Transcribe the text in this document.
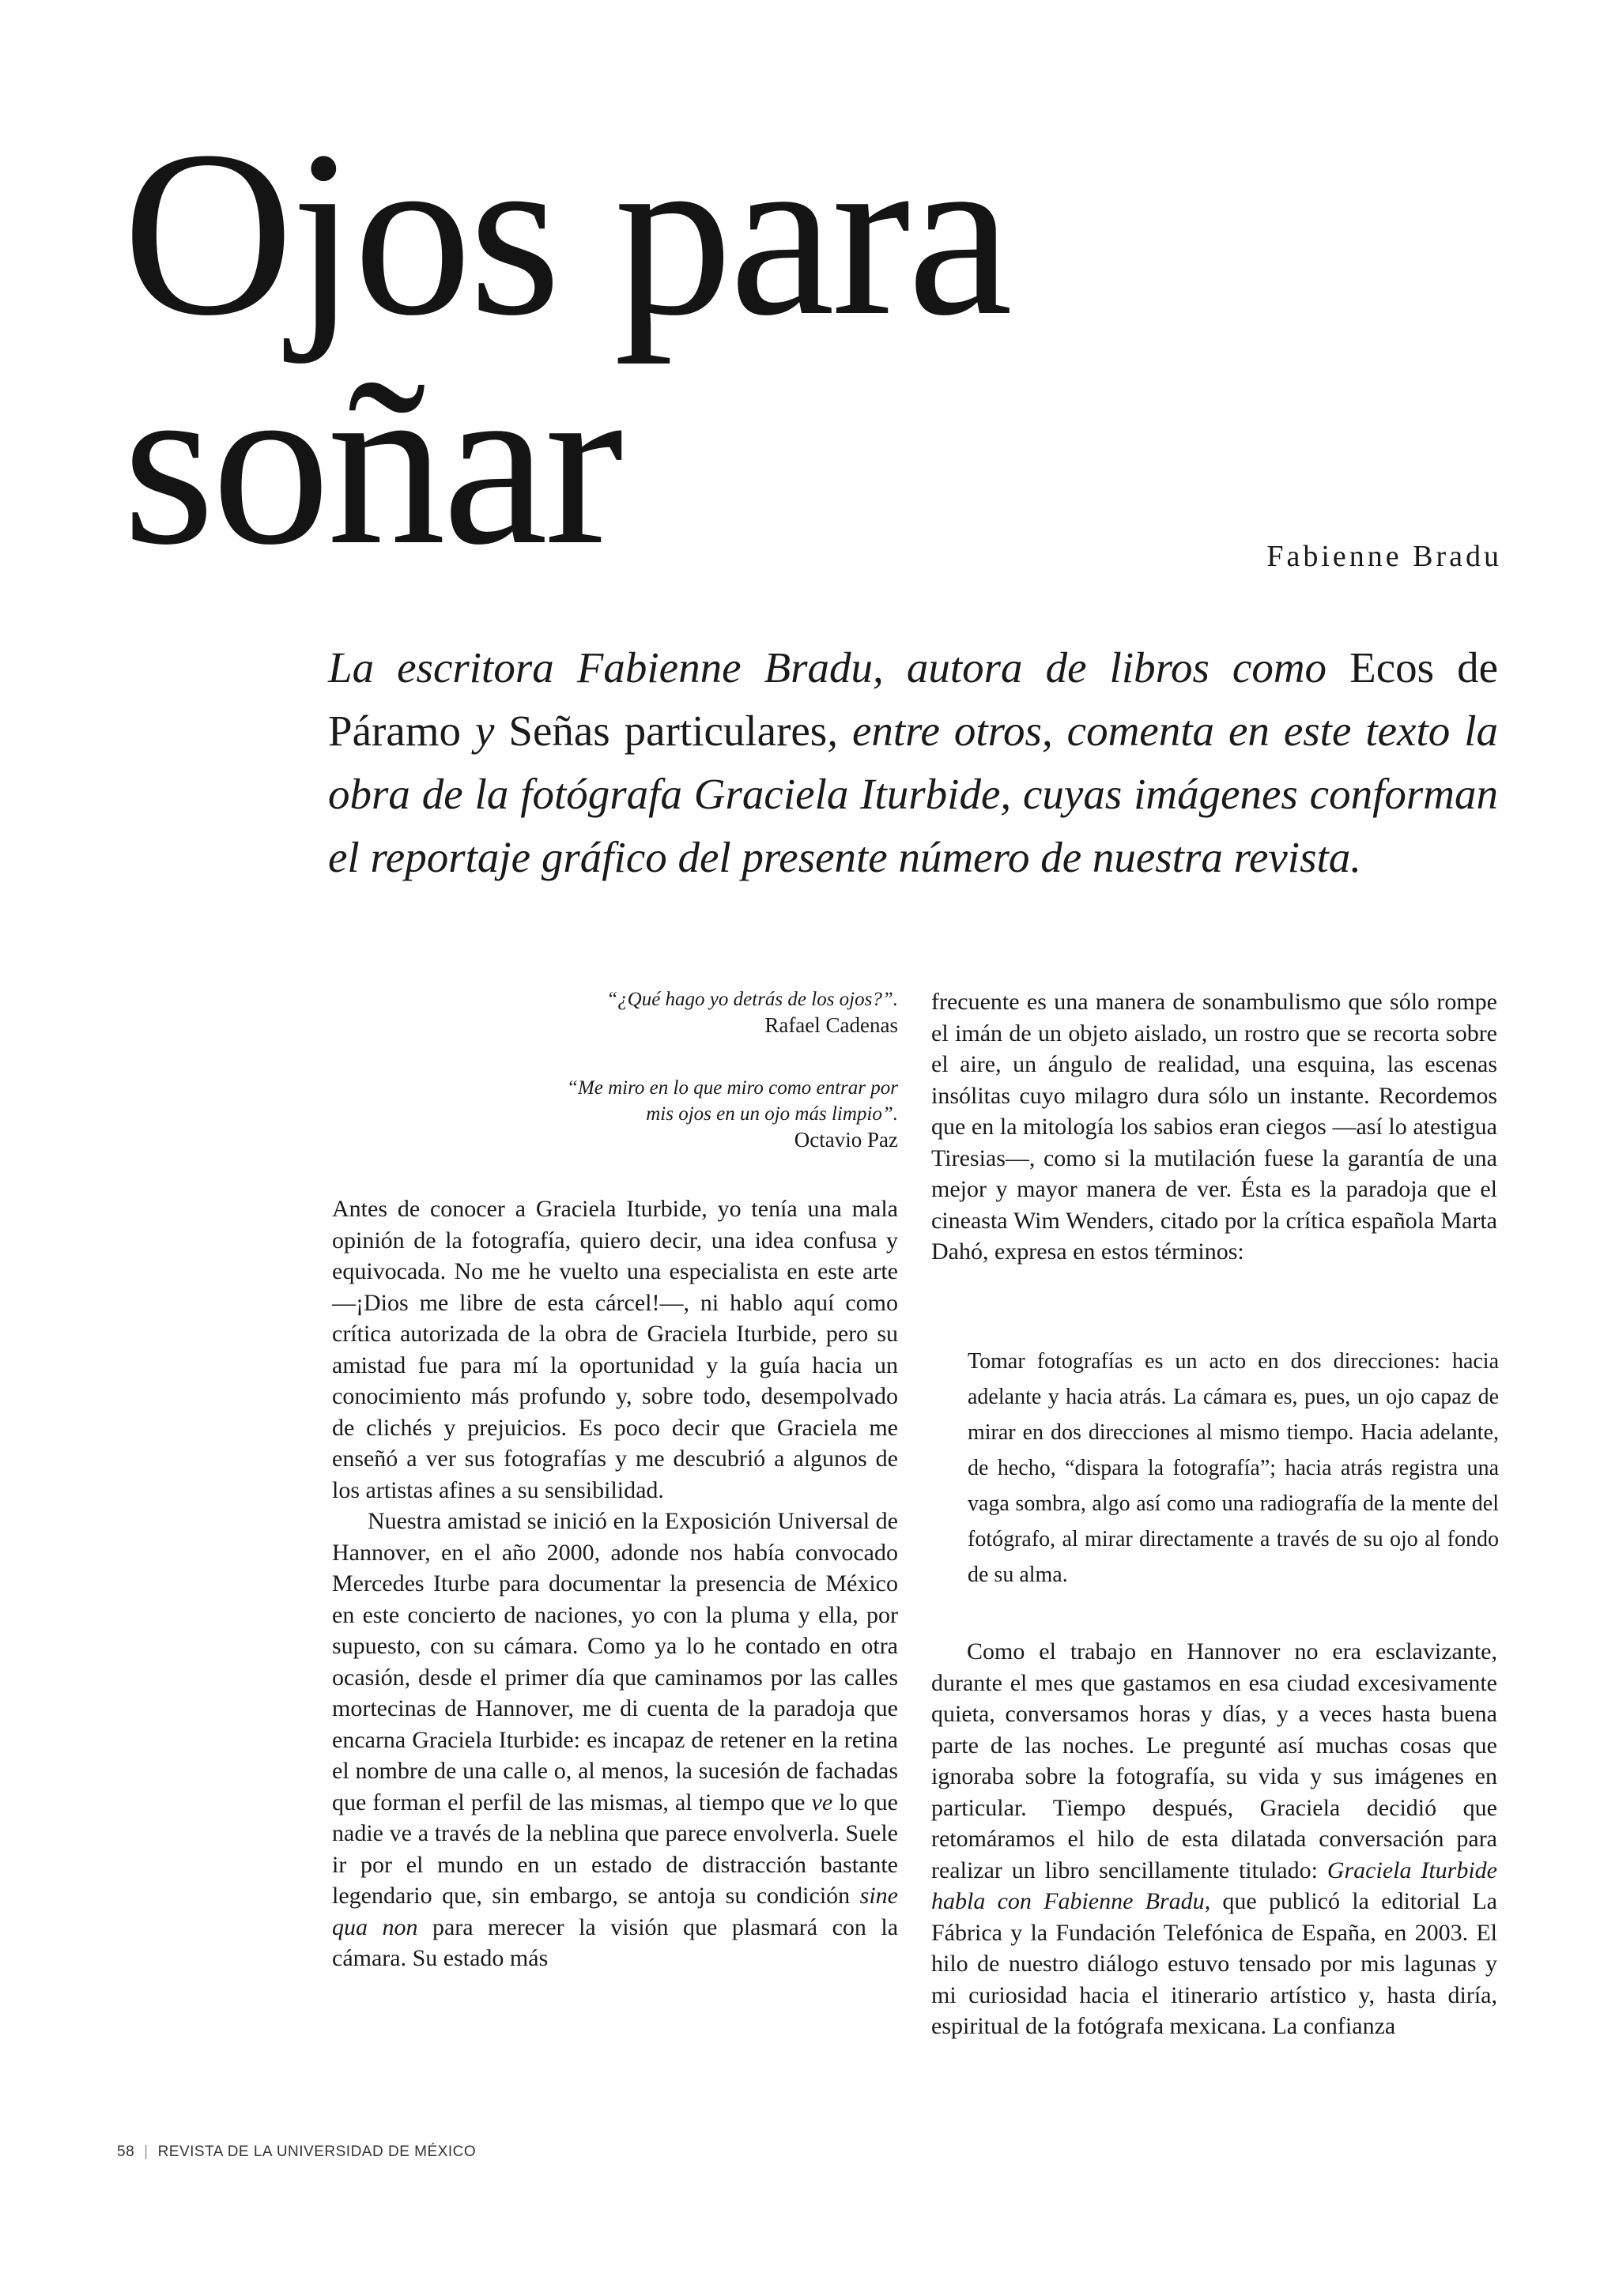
Ojos para
soñar	Fabienne Bradu

La escritora Fabienne Bradu, autora de libros como Ecos de Páramo y Señas particulares, entre otros, comenta en este texto la obra de la fotógrafa Graciela Iturbide, cuyas imágenes conforman el reportaje gráfico del presente número de nuestra revista.

“¿Qué hago yo detrás de los ojos?”.
Rafael Cadenas
“Me miro en lo que miro como entrar por mis ojos en un ojo más limpio”.
Octavio Paz

Antes de conocer a Graciela Iturbide, yo tenía una mala opinión de la fotografía, quiero decir, una idea confusa y equivocada. No me he vuelto una especialista en este arte —¡Dios me libre de esta cárcel!—, ni hablo aquí como crítica autorizada de la obra de Graciela Iturbide, pero su amistad fue para mí la oportunidad y la guía hacia un conocimiento más profundo y, sobre todo, desempolvado de clichés y prejuicios. Es poco decir que Graciela me enseñó a ver sus fotografías y me descubrió a algunos de los artistas afines a su sensibilidad.

Nuestra amistad se inició en la Exposición Universal de Hannover, en el año 2000, adonde nos había convocado Mercedes Iturbe para documentar la presencia de México en este concierto de naciones, yo con la pluma y ella, por supuesto, con su cámara. Como ya lo he contado en otra ocasión, desde el primer día que caminamos por las calles mortecinas de Hannover, me di cuenta de la paradoja que encarna Graciela Iturbide: es incapaz de retener en la retina el nombre de una calle o, al menos, la sucesión de fachadas que forman el perfil de las mismas, al tiempo que ve lo que nadie ve a través de la neblina que parece envolverla. Suele ir por el mundo en un estado de distracción bastante legendario que, sin embargo, se antoja su condición sine qua non para merecer la visión que plasmará con la cámara. Su estado más

frecuente es una manera de sonambulismo que sólo rompe el imán de un objeto aislado, un rostro que se recorta sobre el aire, un ángulo de realidad, una esquina, las escenas insólitas cuyo milagro dura sólo un instante. Recordemos que en la mitología los sabios eran ciegos —así lo atestigua Tiresias—, como si la mutilación fuese la garantía de una mejor y mayor manera de ver. Ésta es la paradoja que el cineasta Wim Wenders, citado por la crítica española Marta Dahó, expresa en estos términos:

Tomar fotografías es un acto en dos direcciones: hacia adelante y hacia atrás. La cámara es, pues, un ojo capaz de mirar en dos direcciones al mismo tiempo. Hacia adelante, de hecho, “dispara la fotografía”; hacia atrás registra una vaga sombra, algo así como una radiografía de la mente del fotógrafo, al mirar directamente a través de su ojo al fondo de su alma.

Como el trabajo en Hannover no era esclavizante, durante el mes que gastamos en esa ciudad excesivamente quieta, conversamos horas y días, y a veces hasta buena parte de las noches. Le pregunté así muchas cosas que ignoraba sobre la fotografía, su vida y sus imágenes en particular. Tiempo después, Graciela decidió que retomáramos el hilo de esta dilatada conversación para realizar un libro sencillamente titulado: Graciela Iturbide habla con Fabienne Bradu, que publicó la editorial La Fábrica y la Fundación Telefónica de España, en 2003. El hilo de nuestro diálogo estuvo tensado por mis lagunas y mi curiosidad hacia el itinerario artístico y, hasta diría, espiritual de la fotógrafa mexicana. La confianza

58 | REVISTA DE LA UNIVERSIDAD DE MÉXICO
